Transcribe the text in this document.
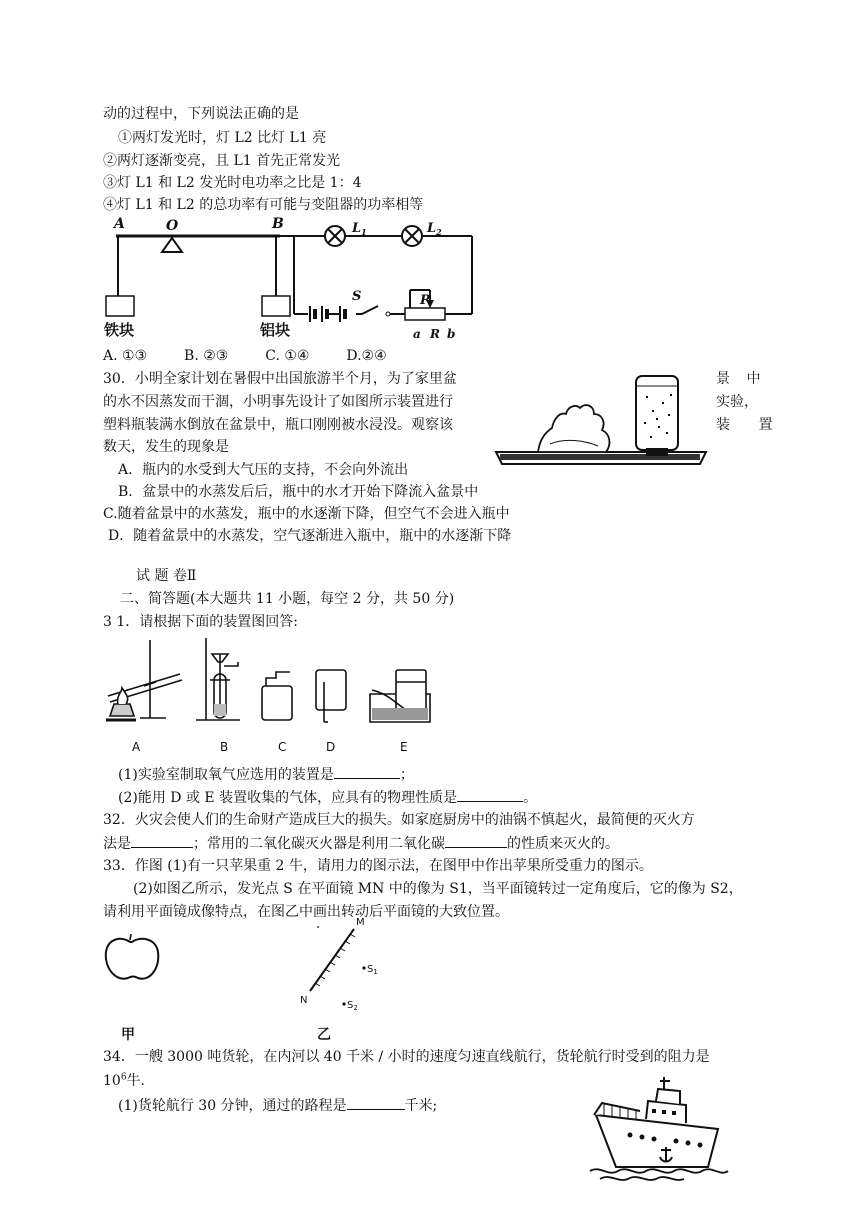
动的过程中，下列说法正确的是
①两灯发光时，灯 L2 比灯 L1 亮
②两灯逐渐变亮，且 L1 首先正常发光
③灯 L1 和 L2 发光时电功率之比是 1：4
④灯 L1 和 L2 的总功率有可能与变阻器的功率相等
A	O	B	$L_1$	$L_2$
S	P
a R b
铁块	铝块
A. ①③	B. ②③	C. ①④	D.②④
30．小明全家计划在暑假中出国旅游半个月，为了家里盆	景 中
的水不因蒸发而干涸，小明事先设计了如图所示装置进行	实验，
塑料瓶装满水倒放在盆景中，瓶口刚刚被水浸没。观察该	装 置
数天，发生的现象是
A．瓶内的水受到大气压的支持，不会向外流出
B．盆景中的水蒸发后后，瓶中的水才开始下降流入盆景中
C.随着盆景中的水蒸发，瓶中的水逐渐下降，但空气不会进入瓶中
D．随着盆景中的水蒸发，空气逐渐进入瓶中，瓶中的水逐渐下降
试 题 卷Ⅱ
二、简答题(本大题共 11 小题，每空 2 分，共 50 分)
3 1．请根据下面的装置图回答:
A	B	C	D	E
(1)实验室制取氧气应选用的装置是	；
(2)能用 D 或 E 装置收集的气体，应具有的物理性质是	。
32．火灾会使人们的生命财产造成巨大的损失。如家庭厨房中的油锅不慎起火，最简便的灭火方
法是	；常用的二氧化碳灭火器是利用二氧化碳	的性质来灭火的。
33．作图 (1)有一只苹果重 2 牛，请用力的图示法，在图甲中作出苹果所受重力的图示。
(2)如图乙所示，发光点 S 在平面镜 MN 中的像为 S1，当平面镜转过一定角度后，它的像为 S2，
请利用平面镜成像特点，在图乙中画出转动后平面镜的大致位置。
甲
M
N
$S_1$
$S_2$
乙
34．一艘 3000 吨货轮，在内河以 40 千米 / 小时的速度匀速直线航行，货轮航行时受到的阻力是
$10^6$牛.
(1)货轮航行 30 分钟，通过的路程是	千米;
